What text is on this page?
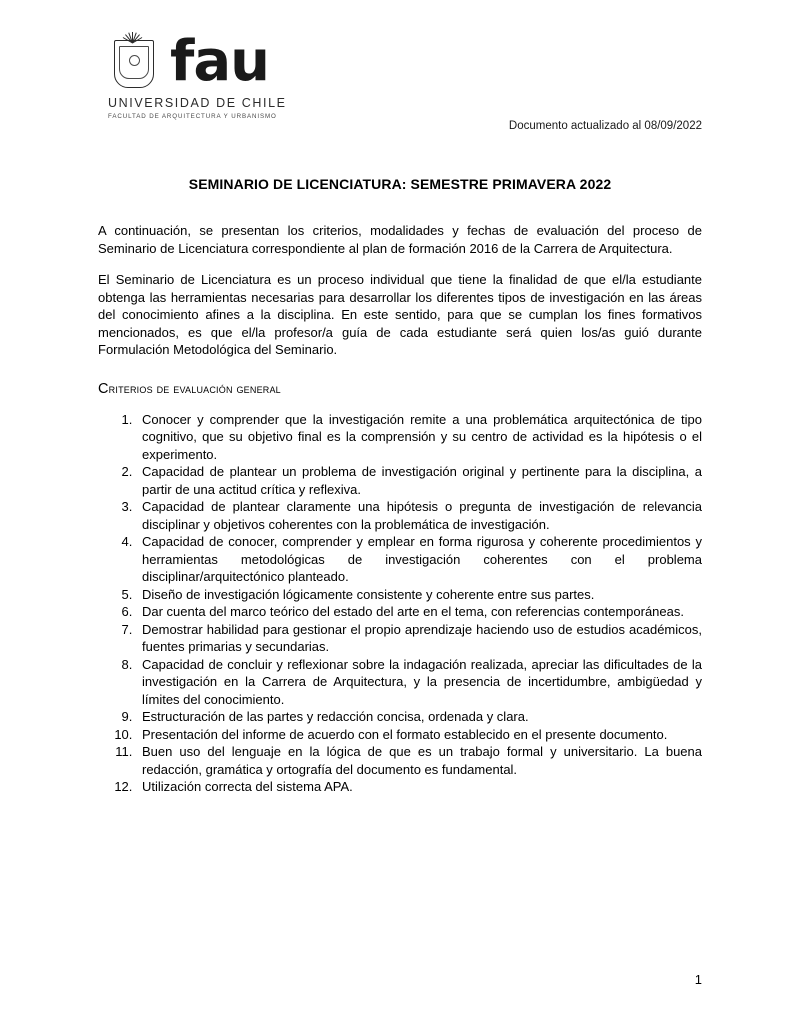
fau
UNIVERSIDAD DE CHILE
FACULTAD DE ARQUITECTURA Y URBANISMO
Documento actualizado al 08/09/2022
SEMINARIO DE LICENCIATURA: SEMESTRE PRIMAVERA 2022

A continuación, se presentan los criterios, modalidades y fechas de evaluación del proceso de Seminario de Licenciatura correspondiente al plan de formación 2016 de la Carrera de Arquitectura.

El Seminario de Licenciatura es un proceso individual que tiene la finalidad de que el/la estudiante obtenga las herramientas necesarias para desarrollar los diferentes tipos de investigación en las áreas del conocimiento afines a la disciplina. En este sentido, para que se cumplan los fines formativos mencionados, es que el/la profesor/a guía de cada estudiante será quien los/as guió durante Formulación Metodológica del Seminario.

Criterios de evaluación general
1. Conocer y comprender que la investigación remite a una problemática arquitectónica de tipo cognitivo, que su objetivo final es la comprensión y su centro de actividad es la hipótesis o el experimento.
2. Capacidad de plantear un problema de investigación original y pertinente para la disciplina, a partir de una actitud crítica y reflexiva.
3. Capacidad de plantear claramente una hipótesis o pregunta de investigación de relevancia disciplinar y objetivos coherentes con la problemática de investigación.
4. Capacidad de conocer, comprender y emplear en forma rigurosa y coherente procedimientos y herramientas metodológicas de investigación coherentes con el problema disciplinar/arquitectónico planteado.
5. Diseño de investigación lógicamente consistente y coherente entre sus partes.
6. Dar cuenta del marco teórico del estado del arte en el tema, con referencias contemporáneas.
7. Demostrar habilidad para gestionar el propio aprendizaje haciendo uso de estudios académicos, fuentes primarias y secundarias.
8. Capacidad de concluir y reflexionar sobre la indagación realizada, apreciar las dificultades de la investigación en la Carrera de Arquitectura, y la presencia de incertidumbre, ambigüedad y límites del conocimiento.
9. Estructuración de las partes y redacción concisa, ordenada y clara.
10. Presentación del informe de acuerdo con el formato establecido en el presente documento.
11. Buen uso del lenguaje en la lógica de que es un trabajo formal y universitario. La buena redacción, gramática y ortografía del documento es fundamental.
12. Utilización correcta del sistema APA.
1
